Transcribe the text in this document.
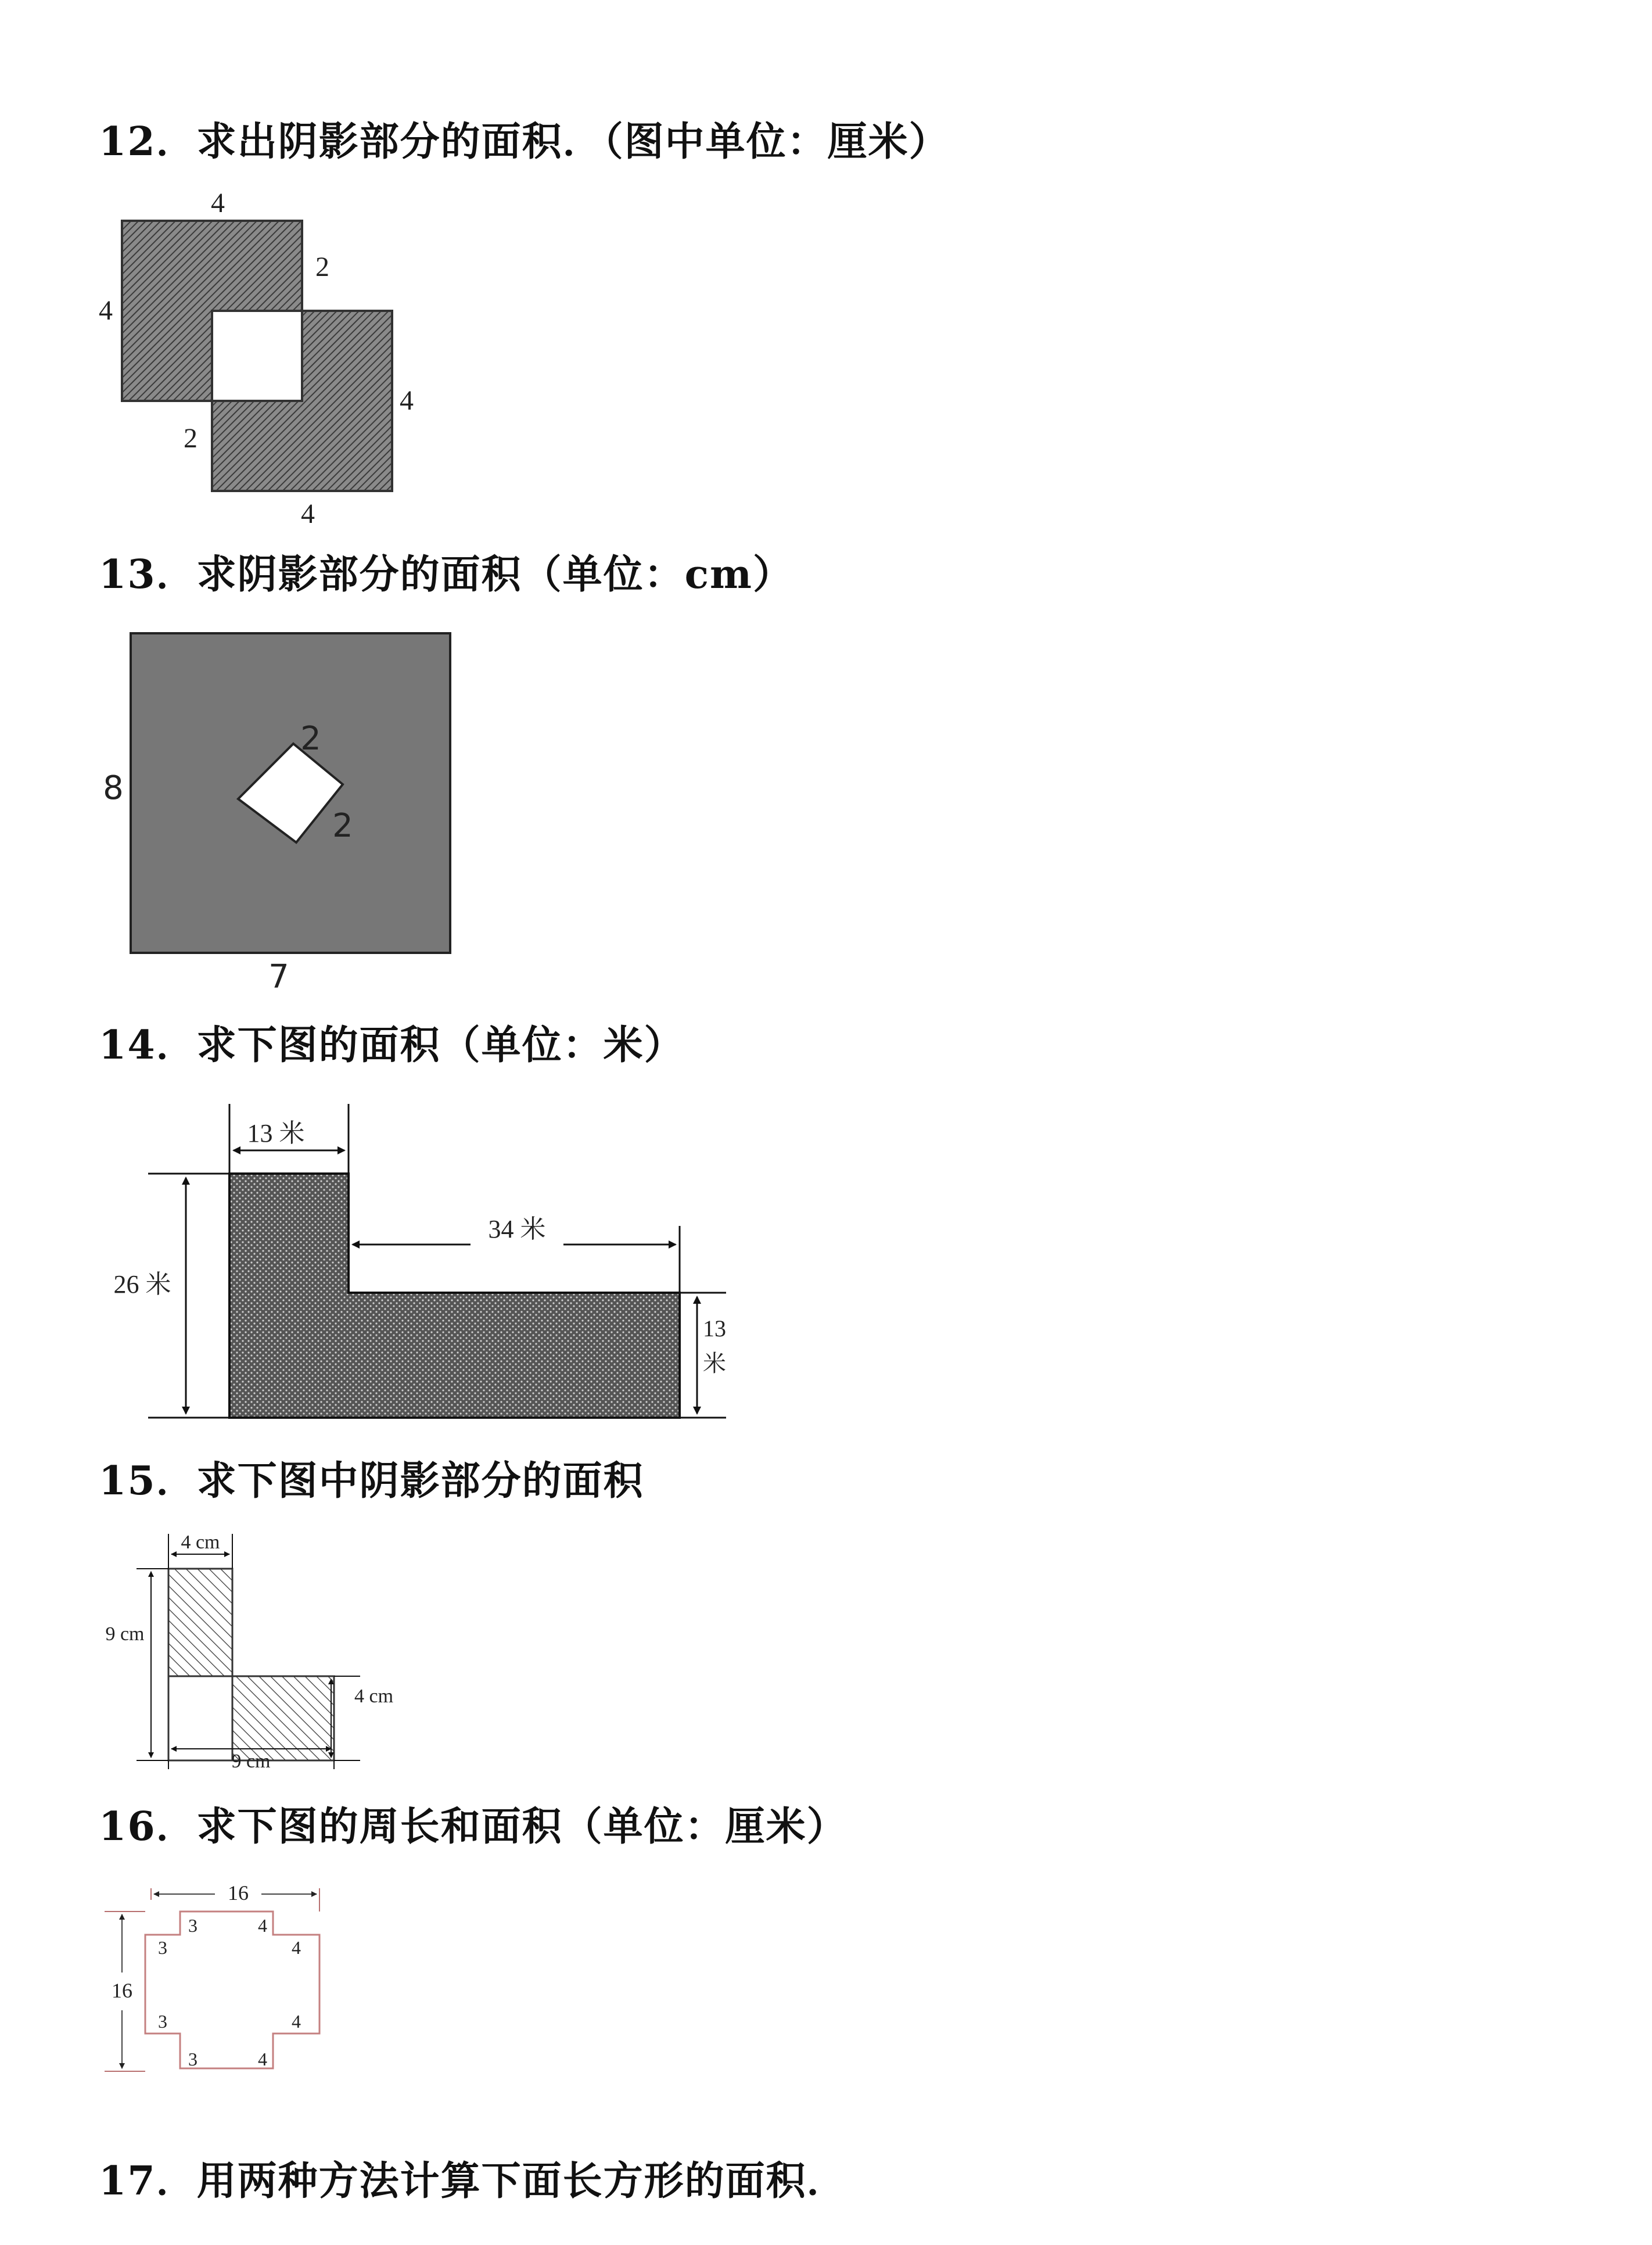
12．求出阴影部分的面积．（图中单位：厘米）
4
2
4
4
2
4
13．求阴影部分的面积（单位：cm）
2
2
8
7
14．求下图的面积（单位：米）
13 米
34 米
26 米
13
米
15．求下图中阴影部分的面积
4 cm
9 cm
4 cm
9 cm
16．求下图的周长和面积（单位：厘米）
16
16
3
3
4
4
3
3
4
4
17．用两种方法计算下面长方形的面积．
